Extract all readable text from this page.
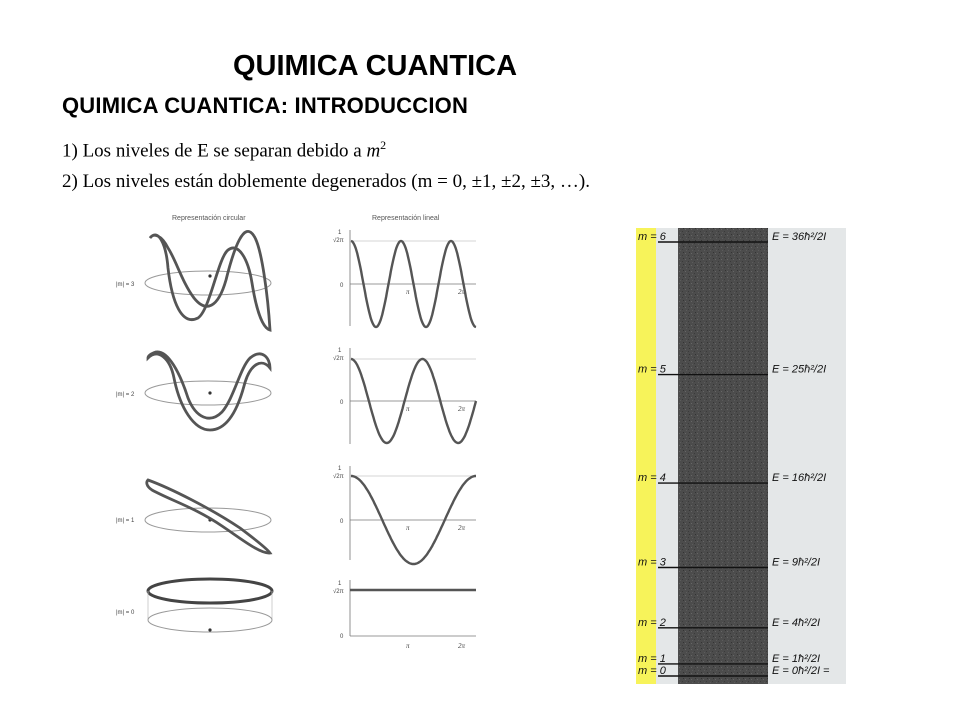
QUIMICA CUANTICA
QUIMICA CUANTICA: INTRODUCCION

1) Los niveles de E se separan debido a $m^2$

2) Los niveles están doblemente degenerados (m = 0, ±1, ±2, ±3, …).

Representación circular	Representación lineal
|m| = 3
1
√2π
0
π	2π
|m| = 2
1
√2π
0
π	2π
|m| = 1
1
√2π
0
π	2π
|m| = 0
1
√2π
0
π	2π
m = 6	E = 36ħ²/2I
m = 5	E = 25ħ²/2I
m = 4	E = 16ħ²/2I
m = 3	E = 9ħ²/2I
m = 2	E = 4ħ²/2I
m = 1	E = 1ħ²/2I
m = 0	E = 0ħ²/2I =
